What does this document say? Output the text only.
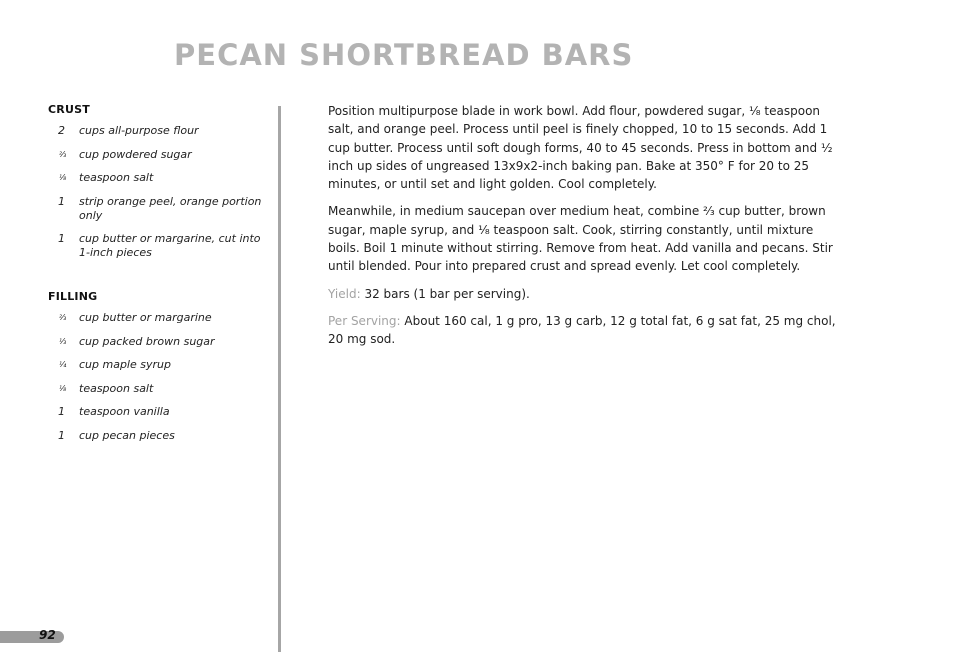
PECAN SHORTBREAD BARS
CRUST
2	cups all-purpose flour
²⁄₃	cup powdered sugar
¹⁄₈	teaspoon salt
1	strip orange peel, orange portion only
1	cup butter or margarine, cut into 1-inch pieces
FILLING
²⁄₃	cup butter or margarine
¹⁄₃	cup packed brown sugar
¹⁄₄	cup maple syrup
¹⁄₈	teaspoon salt
1	teaspoon vanilla
1	cup pecan pieces

Position multipurpose blade in work bowl. Add flour, powdered sugar, ¹⁄₈ teaspoon salt, and orange peel. Process until peel is finely chopped, 10 to 15 seconds. Add 1 cup butter. Process until soft dough forms, 40 to 45 seconds. Press in bottom and ¹⁄₂ inch up sides of ungreased 13x9x2-inch baking pan. Bake at 350° F for 20 to 25 minutes, or until set and light golden. Cool completely.

Meanwhile, in medium saucepan over medium heat, combine ²⁄₃ cup butter, brown sugar, maple syrup, and ¹⁄₈ teaspoon salt. Cook, stirring constantly, until mixture boils. Boil 1 minute without stirring. Remove from heat. Add vanilla and pecans. Stir until blended. Pour into prepared crust and spread evenly. Let cool completely.

Yield: 32 bars (1 bar per serving).

Per Serving: About 160 cal, 1 g pro, 13 g carb, 12 g total fat, 6 g sat fat, 25 mg chol, 20 mg sod.

92
